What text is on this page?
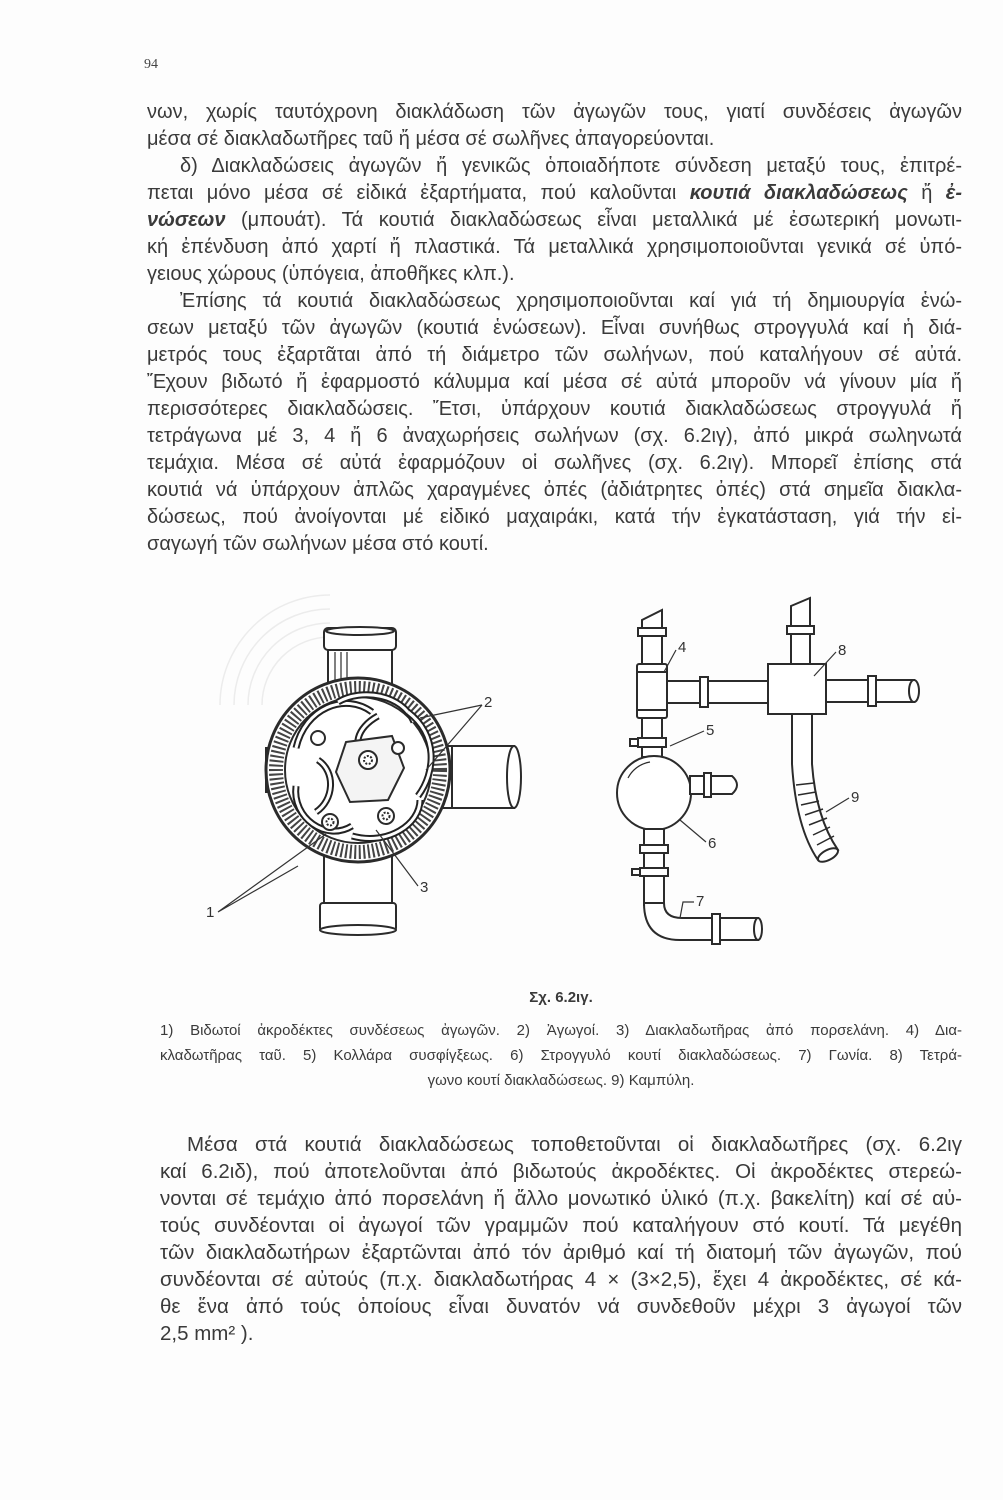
94
νων, χωρίς ταυτόχρονη διακλάδωση τῶν ἀγωγῶν τους, γιατί συνδέσεις ἀγωγῶν
μέσα σέ διακλαδωτῆρες ταῦ ἤ μέσα σέ σωλῆνες ἀπαγορεύονται.
δ) Διακλαδώσεις ἀγωγῶν ἤ γενικῶς ὁποιαδήποτε σύνδεση μεταξύ τους, ἐπιτρέ-
πεται μόνο μέσα σέ εἰδικά ἐξαρτήματα, πού καλοῦνται κουτιά διακλαδώσεως ἤ ἐ-
νώσεων (μπουάτ). Τά κουτιά διακλαδώσεως εἶναι μεταλλικά μέ ἐσωτερική μονωτι-
κή ἐπένδυση ἀπό χαρτί ἤ πλαστικά. Τά μεταλλικά χρησιμοποιοῦνται γενικά σέ ὑπό-
γειους χώρους (ὑπόγεια, ἀποθῆκες κλπ.).
Ἐπίσης τά κουτιά διακλαδώσεως χρησιμοποιοῦνται καί γιά τή δημιουργία ἑνώ-
σεων μεταξύ τῶν ἀγωγῶν (κουτιά ἑνώσεων). Εἶναι συνήθως στρογγυλά καί ἡ διά-
μετρός τους ἐξαρτᾶται ἀπό τή διάμετρο τῶν σωλήνων, πού καταλήγουν σέ αὐτά.
Ἔχουν βιδωτό ἤ ἐφαρμοστό κάλυμμα καί μέσα σέ αὐτά μποροῦν νά γίνουν μία ἤ
περισσότερες διακλαδώσεις. Ἔτσι, ὑπάρχουν κουτιά διακλαδώσεως στρογγυλά ἤ
τετράγωνα μέ 3, 4 ἤ 6 ἀναχωρήσεις σωλήνων (σχ. 6.2ιγ), ἀπό μικρά σωληνωτά
τεμάχια. Μέσα σέ αὐτά ἐφαρμόζουν οἱ σωλῆνες (σχ. 6.2ιγ). Μπορεῖ ἐπίσης στά
κουτιά νά ὑπάρχουν ἁπλῶς χαραγμένες ὀπές (ἀδιάτρητες ὀπές) στά σημεῖα διακλα-
δώσεως, πού ἀνοίγονται μέ εἰδικό μαχαιράκι, κατά τήν ἐγκατάσταση, γιά τήν εἰ-
σαγωγή τῶν σωλήνων μέσα στό κουτί.
1
2
3
4
5
6
7
8
9
Σχ. 6.2ιγ.
1) Βιδωτοί ἀκροδέκτες συνδέσεως ἀγωγῶν. 2) Ἀγωγοί. 3) Διακλαδωτῆρας ἀπό πορσελάνη. 4) Δια-
κλαδωτῆρας ταῦ. 5) Κολλάρα συσφίγξεως. 6) Στρογγυλό κουτί διακλαδώσεως. 7) Γωνία. 8) Τετρά-
γωνο κουτί διακλαδώσεως. 9) Καμπύλη.
Μέσα στά κουτιά διακλαδώσεως τοποθετοῦνται οἱ διακλαδωτῆρες (σχ. 6.2ιγ
καί 6.2ιδ), πού ἀποτελοῦνται ἀπό βιδωτούς ἀκροδέκτες. Οἱ ἀκροδέκτες στερεώ-
νονται σέ τεμάχιο ἀπό πορσελάνη ἤ ἄλλο μονωτικό ὑλικό (π.χ. βακελίτη) καί σέ αὐ-
τούς συνδέονται οἱ ἀγωγοί τῶν γραμμῶν πού καταλήγουν στό κουτί. Τά μεγέθη
τῶν διακλαδωτήρων ἐξαρτῶνται ἀπό τόν ἀριθμό καί τή διατομή τῶν ἀγωγῶν, πού
συνδέονται σέ αὐτούς (π.χ. διακλαδωτήρας 4 × (3×2,5), ἔχει 4 ἀκροδέκτες, σέ κά-
θε ἕνα ἀπό τούς ὁποίους εἶναι δυνατόν νά συνδεθοῦν μέχρι 3 ἀγωγοί τῶν
2,5 mm² ).
